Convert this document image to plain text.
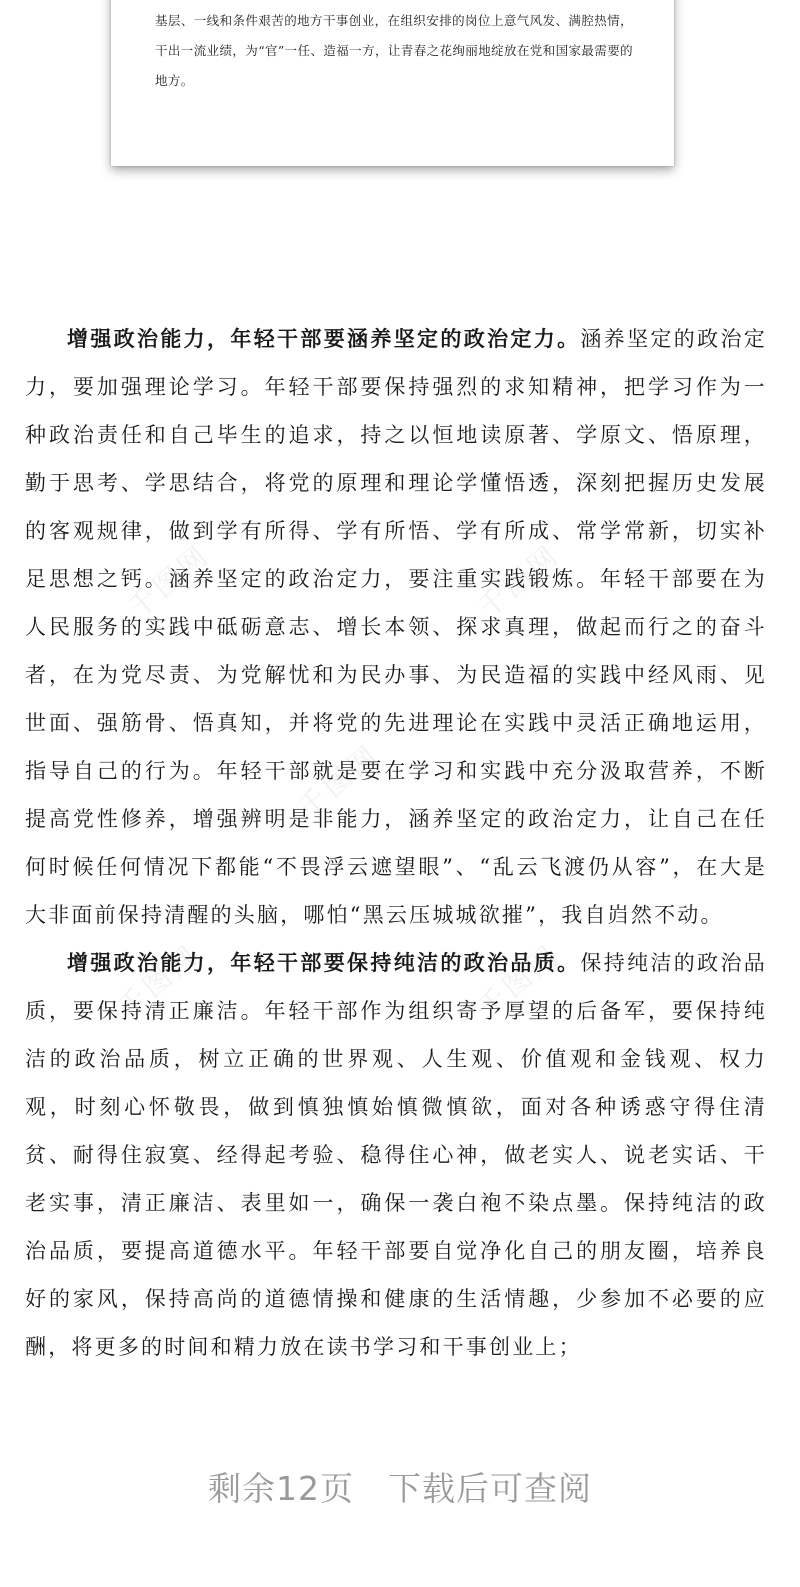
基层、一线和条件艰苦的地方干事创业，在组织安排的岗位上意气风发、满腔热情，干出一流业绩，为“官”一任、造福一方，让青春之花绚丽地绽放在党和国家最需要的地方。
千图网	千图网
千图网
千图网	千图网

增强政治能力，年轻干部要涵养坚定的政治定力。涵养坚定的政治定力，要加强理论学习。年轻干部要保持强烈的求知精神，把学习作为一种政治责任和自己毕生的追求，持之以恒地读原著、学原文、悟原理，勤于思考、学思结合，将党的原理和理论学懂悟透，深刻把握历史发展的客观规律，做到学有所得、学有所悟、学有所成、常学常新，切实补足思想之钙。涵养坚定的政治定力，要注重实践锻炼。年轻干部要在为人民服务的实践中砥砺意志、增长本领、探求真理，做起而行之的奋斗者，在为党尽责、为党解忧和为民办事、为民造福的实践中经风雨、见世面、强筋骨、悟真知，并将党的先进理论在实践中灵活正确地运用，指导自己的行为。年轻干部就是要在学习和实践中充分汲取营养，不断提高党性修养，增强辨明是非能力，涵养坚定的政治定力，让自己在任何时候任何情况下都能“不畏浮云遮望眼”、“乱云飞渡仍从容”，在大是大非面前保持清醒的头脑，哪怕“黑云压城城欲摧”，我自岿然不动。

增强政治能力，年轻干部要保持纯洁的政治品质。保持纯洁的政治品质，要保持清正廉洁。年轻干部作为组织寄予厚望的后备军，要保持纯洁的政治品质，树立正确的世界观、人生观、价值观和金钱观、权力观，时刻心怀敬畏，做到慎独慎始慎微慎欲，面对各种诱惑守得住清贫、耐得住寂寞、经得起考验、稳得住心神，做老实人、说老实话、干老实事，清正廉洁、表里如一，确保一袭白袍不染点墨。保持纯洁的政治品质，要提高道德水平。年轻干部要自觉净化自己的朋友圈，培养良好的家风，保持高尚的道德情操和健康的生活情趣，少参加不必要的应酬，将更多的时间和精力放在读书学习和干事创业上；

剩余12页 下载后可查阅
